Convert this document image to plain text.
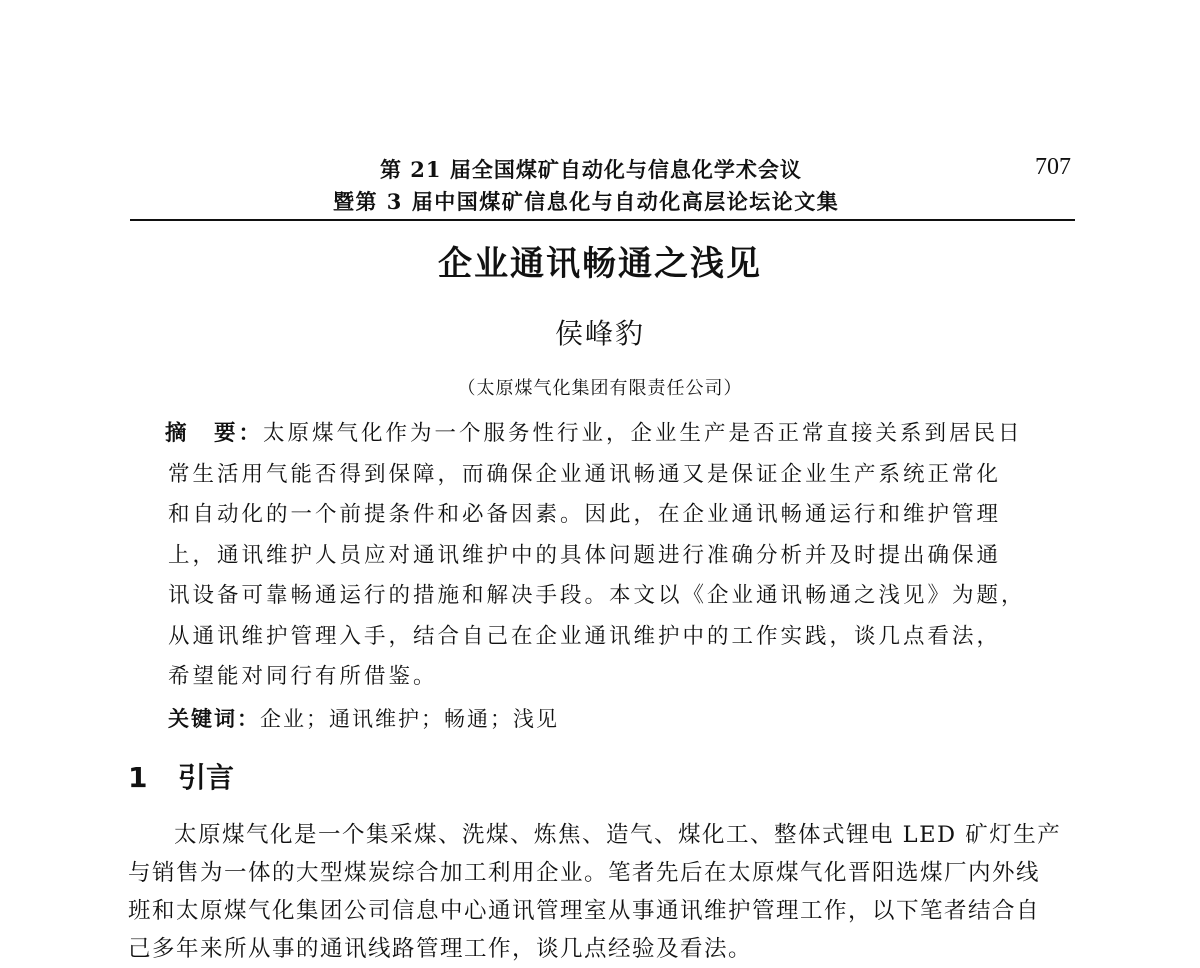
第 21 届全国煤矿自动化与信息化学术会议
暨第 3 届中国煤矿信息化与自动化高层论坛论文集
707
企业通讯畅通之浅见
侯峰豹
（太原煤气化集团有限责任公司）
摘　要：太原煤气化作为一个服务性行业，企业生产是否正常直接关系到居民日
常生活用气能否得到保障，而确保企业通讯畅通又是保证企业生产系统正常化
和自动化的一个前提条件和必备因素。因此，在企业通讯畅通运行和维护管理
上，通讯维护人员应对通讯维护中的具体问题进行准确分析并及时提出确保通
讯设备可靠畅通运行的措施和解决手段。本文以《企业通讯畅通之浅见》为题，
从通讯维护管理入手，结合自己在企业通讯维护中的工作实践，谈几点看法，
希望能对同行有所借鉴。
关键词：企业；通讯维护；畅通；浅见
1 引言
太原煤气化是一个集采煤、洗煤、炼焦、造气、煤化工、整体式锂电 LED 矿灯生产
与销售为一体的大型煤炭综合加工利用企业。笔者先后在太原煤气化晋阳选煤厂内外线
班和太原煤气化集团公司信息中心通讯管理室从事通讯维护管理工作，以下笔者结合自
己多年来所从事的通讯线路管理工作，谈几点经验及看法。
